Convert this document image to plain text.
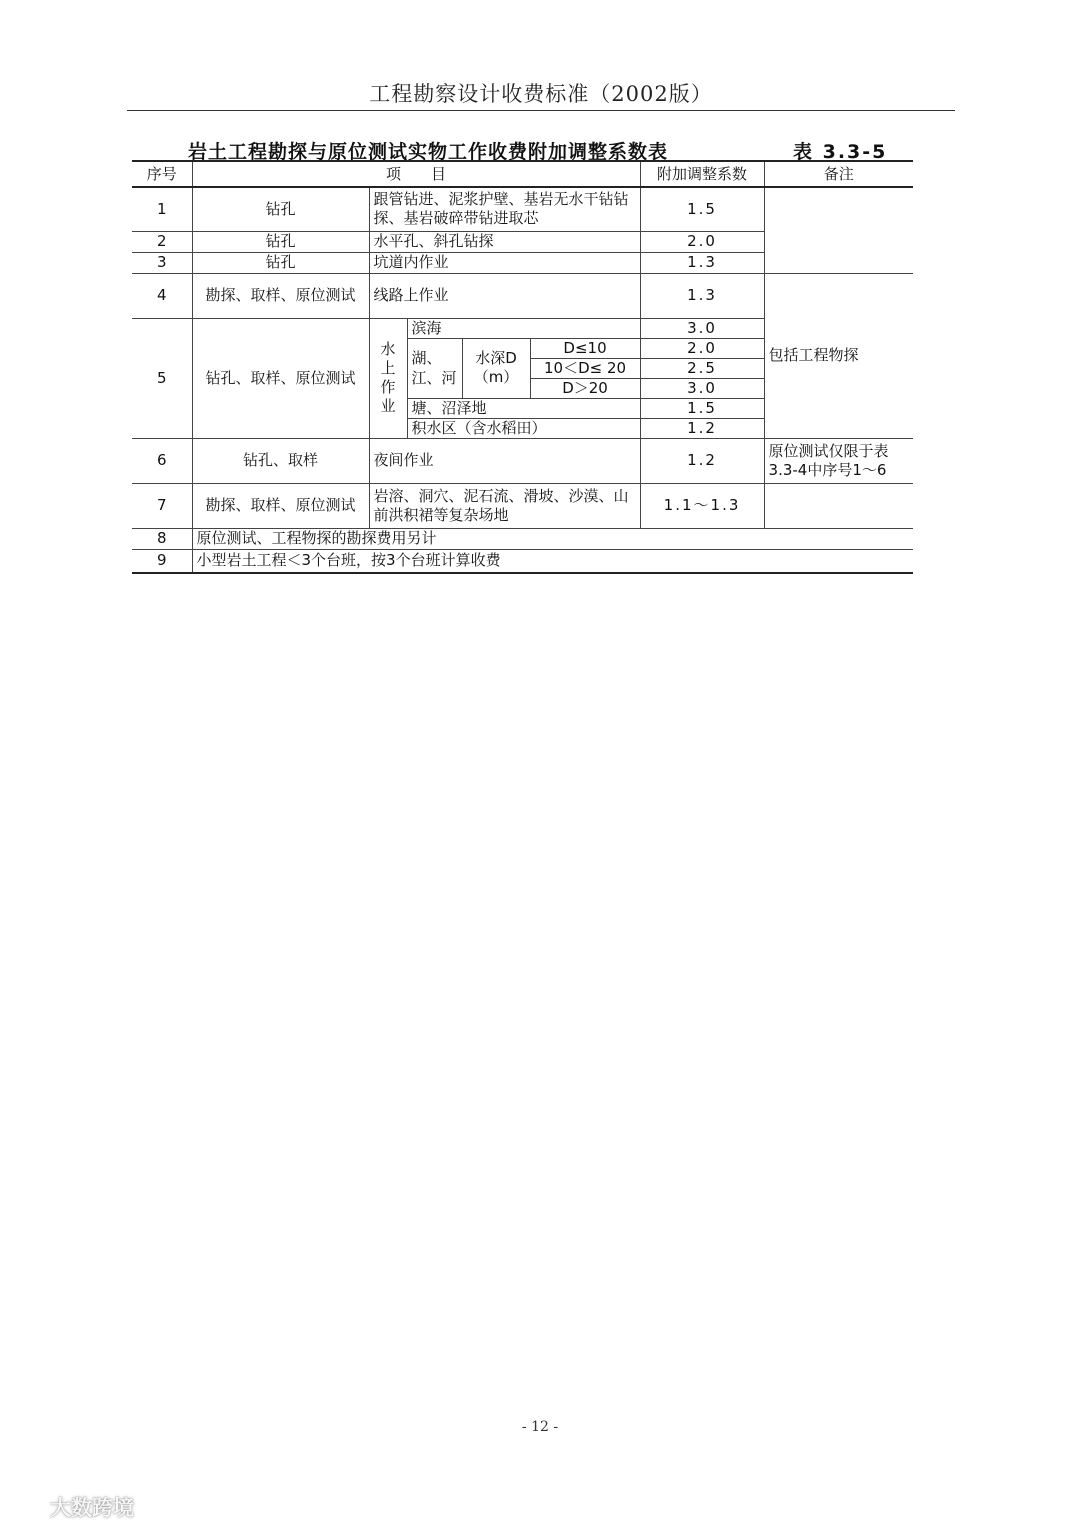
工程勘察设计收费标准（2002版）
岩土工程勘探与原位测试实物工作收费附加调整系数表	表 3.3-5
序号	项　　目					附加调整系数	备注
1	钻孔	跟管钻进、泥浆护壁、基岩无水干钻钻探、基岩破碎带钻进取芯				1.5	
2	钻孔	水平孔、斜孔钻探				2.0	
3	钻孔	坑道内作业				1.3	
4	勘探、取样、原位测试	线路上作业				1.3	包括工程物探
5	钻孔、取样、原位测试	水上作业	滨海			3.0	
			湖、江、河	水深D（m）	D≤10	2.0	
					10＜D≤ 20	2.5	
					D＞20	3.0	
			塘、沼泽地			1.5	
			积水区（含水稻田）			1.2	
6	钻孔、取样	夜间作业				1.2	原位测试仅限于表3.3-4中序号1～6
7	勘探、取样、原位测试	岩溶、洞穴、泥石流、滑坡、沙漠、山前洪积裙等复杂场地				1.1～1.3	
8	原位测试、工程物探的勘探费用另计						
9	小型岩土工程＜3个台班，按3个台班计算收费						
- 12 -
大数跨境
